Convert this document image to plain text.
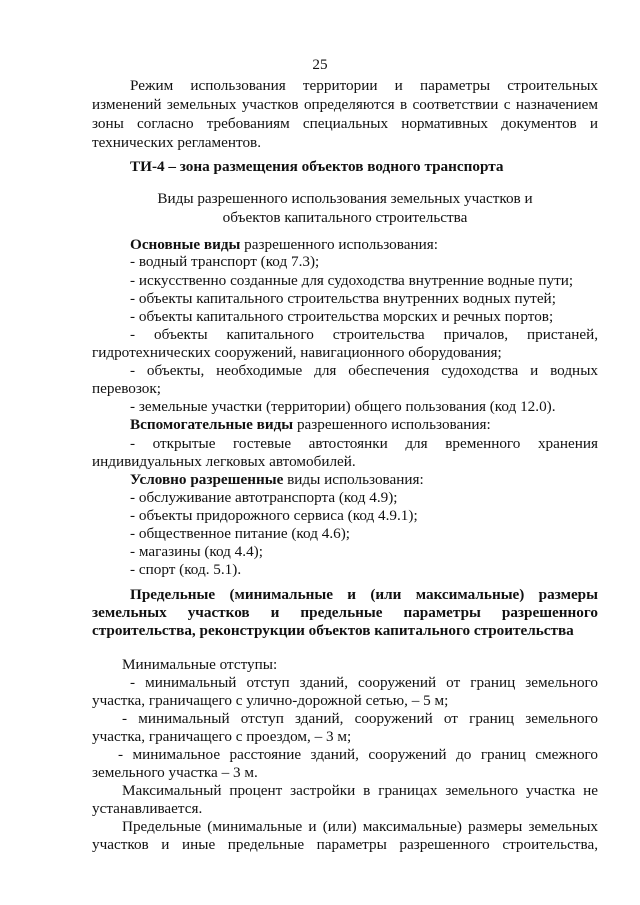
25

Режим использования территории и параметры строительных

изменений земельных участков определяются в соответствии с назначением

зоны согласно требованиям специальных нормативных документов и

технических регламентов.

ТИ-4 – зона размещения объектов водного транспорта

Виды разрешенного использования земельных участков и

объектов капитального строительства

Основные виды разрешенного использования:

- водный транспорт (код 7.3);

- искусственно созданные для судоходства внутренние водные пути;

- объекты капитального строительства внутренних водных путей;

- объекты капитального строительства морских и речных портов;

- объекты капитального строительства причалов, пристаней,

гидротехнических сооружений, навигационного оборудования;

- объекты, необходимые для обеспечения судоходства и водных

перевозок;

- земельные участки (территории) общего пользования (код 12.0).

Вспомогательные виды разрешенного использования:

- открытые гостевые автостоянки для временного хранения

индивидуальных легковых автомобилей.

Условно разрешенные виды использования:

- обслуживание автотранспорта (код 4.9);

- объекты придорожного сервиса (код 4.9.1);

- общественное питание (код 4.6);

- магазины (код 4.4);

- спорт (код. 5.1).

Предельные (минимальные и (или максимальные) размеры

земельных участков и предельные параметры разрешенного

строительства, реконструкции объектов капитального строительства

Минимальные отступы:

- минимальный отступ зданий, сооружений от границ земельного

участка, граничащего с улично-дорожной сетью, – 5 м;

- минимальный отступ зданий, сооружений от границ земельного

участка, граничащего с проездом, – 3 м;

- минимальное расстояние зданий, сооружений до границ смежного

земельного участка – 3 м.

Максимальный процент застройки в границах земельного участка не

устанавливается.

Предельные (минимальные и (или) максимальные) размеры земельных

участков и иные предельные параметры разрешенного строительства,
